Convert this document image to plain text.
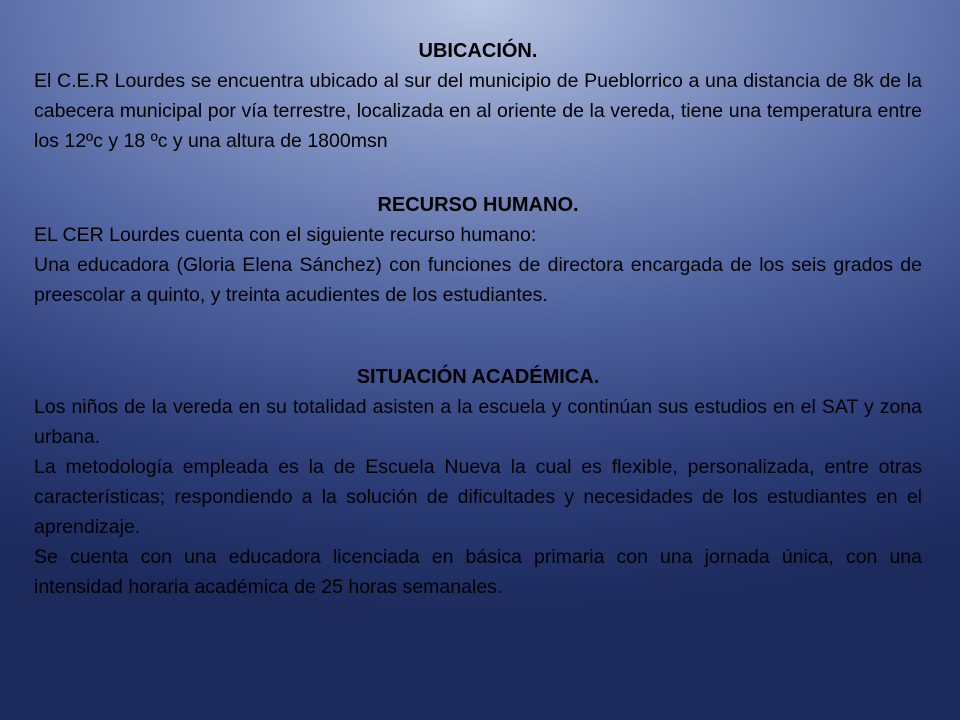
UBICACIÓN.

El C.E.R Lourdes se encuentra ubicado al sur del municipio de Pueblorrico a una distancia de 8k de la cabecera municipal por vía terrestre, localizada en al oriente de la vereda, tiene una temperatura entre los 12ºc y 18 ºc y una altura de 1800msn

RECURSO HUMANO.

EL CER Lourdes cuenta con el siguiente recurso humano:

Una educadora (Gloria Elena Sánchez) con funciones de directora encargada de los seis grados de preescolar a quinto, y treinta acudientes de los estudiantes.

SITUACIÓN ACADÉMICA.

Los niños de la vereda en su totalidad asisten a la escuela y continúan sus estudios en el SAT y zona urbana.

La metodología empleada es la de Escuela Nueva la cual es flexible, personalizada, entre otras características; respondiendo a la solución de dificultades y necesidades de los estudiantes en el aprendizaje.

Se cuenta con una educadora licenciada en básica primaria con una jornada única, con una intensidad horaria académica de 25 horas semanales.
